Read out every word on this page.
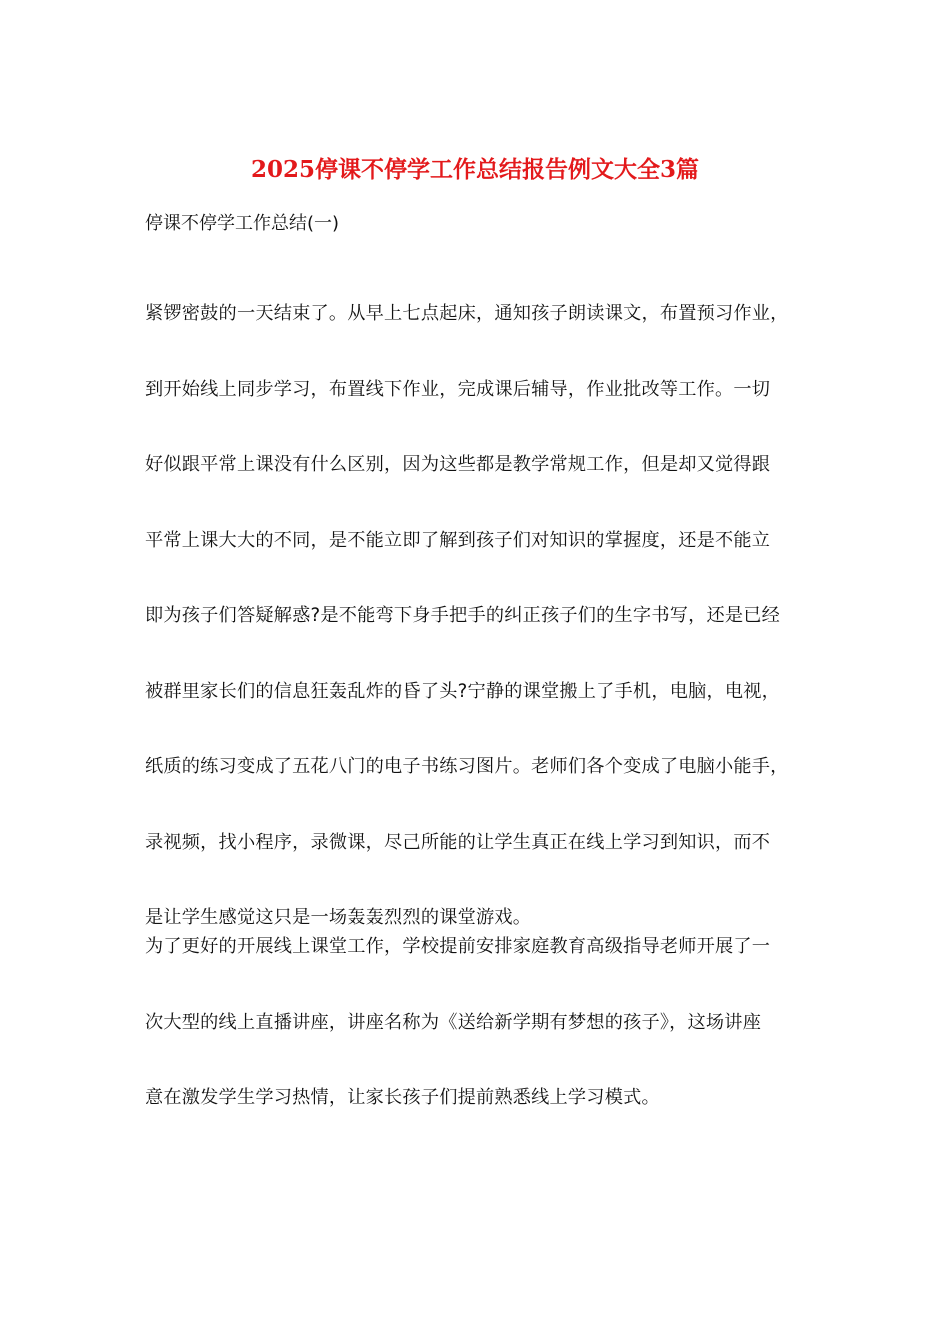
2025停课不停学工作总结报告例文大全3篇

停课不停学工作总结(一)

紧锣密鼓的一天结束了。从早上七点起床，通知孩子朗读课文，布置预习作业，
到开始线上同步学习，布置线下作业，完成课后辅导，作业批改等工作。一切
好似跟平常上课没有什么区别，因为这些都是教学常规工作，但是却又觉得跟
平常上课大大的不同，是不能立即了解到孩子们对知识的掌握度，还是不能立
即为孩子们答疑解惑?是不能弯下身手把手的纠正孩子们的生字书写，还是已经
被群里家长们的信息狂轰乱炸的昏了头?宁静的课堂搬上了手机，电脑，电视，
纸质的练习变成了五花八门的电子书练习图片。老师们各个变成了电脑小能手，
录视频，找小程序，录微课，尽己所能的让学生真正在线上学习到知识，而不
是让学生感觉这只是一场轰轰烈烈的课堂游戏。
为了更好的开展线上课堂工作，学校提前安排家庭教育高级指导老师开展了一
次大型的线上直播讲座，讲座名称为《送给新学期有梦想的孩子》，这场讲座
意在激发学生学习热情，让家长孩子们提前熟悉线上学习模式。
